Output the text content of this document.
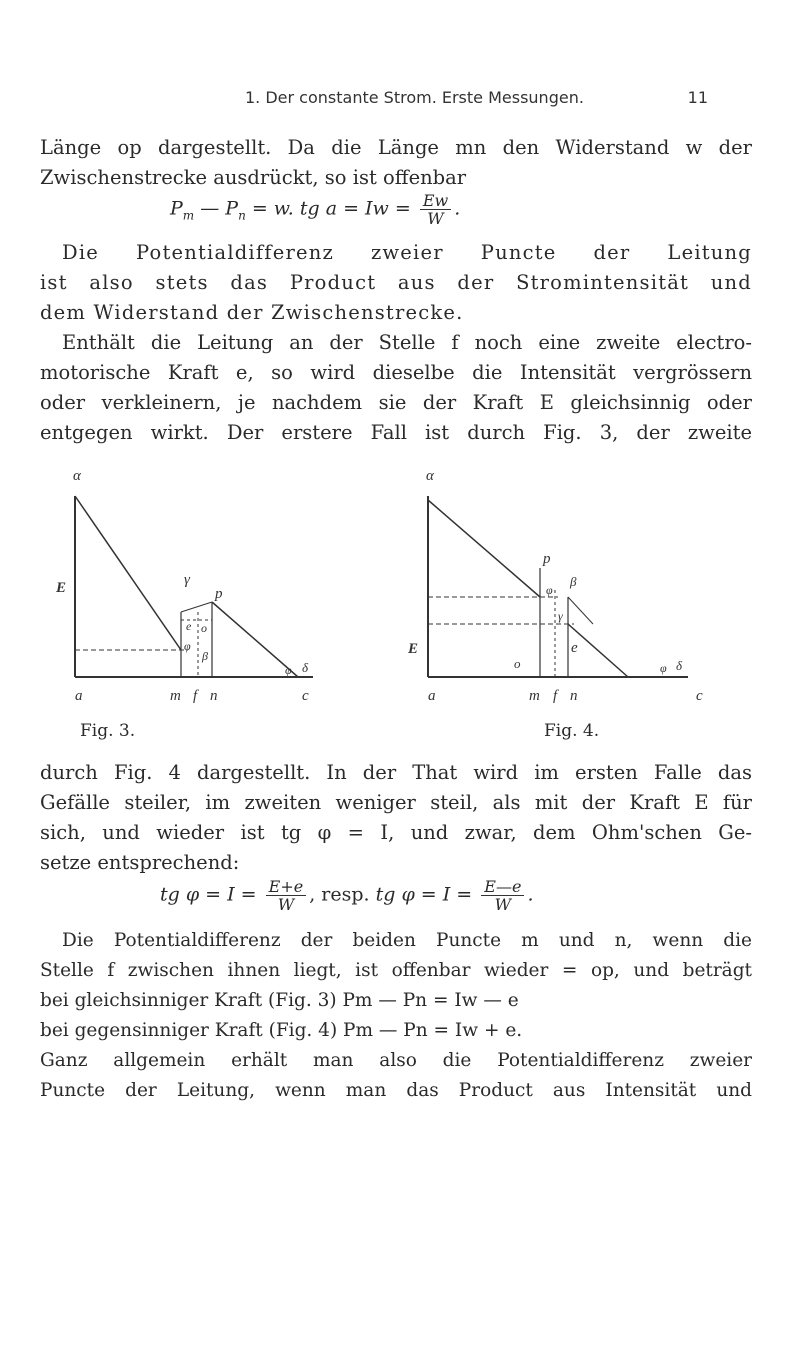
1. Der constante Strom. Erste Messungen.	11
Länge op dargestellt. Da die Länge mn den Widerstand w der
Zwischenstrecke ausdrückt, so ist offenbar
$P_m$ — $P_n = w$. tg $a = Iw = \frac{Ew}{W}$ .
Die Potentialdifferenz zweier Puncte der Leitung
ist also stets das Product aus der Stromintensität und
dem Widerstand der Zwischenstrecke.
Enthält die Leitung an der Stelle f noch eine zweite electro-
motorische Kraft e, so wird dieselbe die Intensität vergrössern
oder verkleinern, je nachdem sie der Kraft E gleichsinnig oder
entgegen wirkt. Der erstere Fall ist durch Fig. 3, der zweite
α
E	γ
p
e o
φ
β
φ δ
a	m f n	c
Fig. 3.
α
E
p
φ
β
e
o
γ
φ δ
a	m f n	c
Fig. 4.
durch Fig. 4 dargestellt. In der That wird im ersten Falle das
Gefälle steiler, im zweiten weniger steil, als mit der Kraft E für
sich, und wieder ist tg φ = I, und zwar, dem Ohm'schen Ge-
setze entsprechend:
tg $\varphi = I = \frac{E+e}{W}$ , resp. tg $\varphi = I = \frac{E—e}{W}$ .
Die Potentialdifferenz der beiden Puncte m und n, wenn die
Stelle f zwischen ihnen liegt, ist offenbar wieder = op, und beträgt
bei gleichsinniger Kraft (Fig. 3) Pm — Pn = Iw — e
bei gegensinniger Kraft (Fig. 4) Pm — Pn = Iw + e.
Ganz allgemein erhält man also die Potentialdifferenz zweier
Puncte der Leitung, wenn man das Product aus Intensität und
